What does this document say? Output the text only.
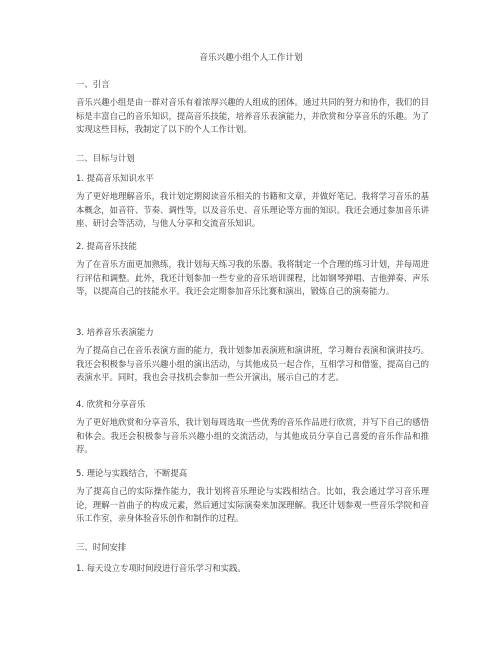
音乐兴趣小组个人工作计划
一、引言

音乐兴趣小组是由一群对音乐有着浓厚兴趣的人组成的团体。通过共同的努力和协作，我们的目标是丰富自己的音乐知识，提高音乐技能，培养音乐表演能力，并欣赏和分享音乐的乐趣。为了实现这些目标，我制定了以下的个人工作计划。

二、目标与计划
1. 提高音乐知识水平

为了更好地理解音乐，我计划定期阅读音乐相关的书籍和文章，并做好笔记。我将学习音乐的基本概念，如音符、节奏、调性等，以及音乐史、音乐理论等方面的知识。我还会通过参加音乐讲座、研讨会等活动，与他人分享和交流音乐知识。

2. 提高音乐技能

为了在音乐方面更加熟练，我计划每天练习我的乐器。我将制定一个合理的练习计划，并每周进行评估和调整。此外，我还计划参加一些专业的音乐培训课程，比如钢琴弹唱、吉他弹奏、声乐等，以提高自己的技能水平。我还会定期参加音乐比赛和演出，锻炼自己的演奏能力。

3. 培养音乐表演能力

为了提高自己在音乐表演方面的能力，我计划参加表演班和演讲班，学习舞台表演和演讲技巧。我还会积极参与音乐兴趣小组的演出活动，与其他成员一起合作，互相学习和借鉴，提高自己的表演水平。同时，我也会寻找机会参加一些公开演出，展示自己的才艺。

4. 欣赏和分享音乐

为了更好地欣赏和分享音乐，我计划每周选取一些优秀的音乐作品进行欣赏，并写下自己的感悟和体会。我还会积极参与音乐兴趣小组的交流活动，与其他成员分享自己喜爱的音乐作品和推荐。

5. 理论与实践结合，不断提高

为了提高自己的实际操作能力，我计划将音乐理论与实践相结合。比如，我会通过学习音乐理论，理解一首曲子的构成元素，然后通过实际演奏来加深理解。我还计划参观一些音乐学院和音乐工作室，亲身体验音乐创作和制作的过程。

三、时间安排
1. 每天设立专项时间段进行音乐学习和实践。
